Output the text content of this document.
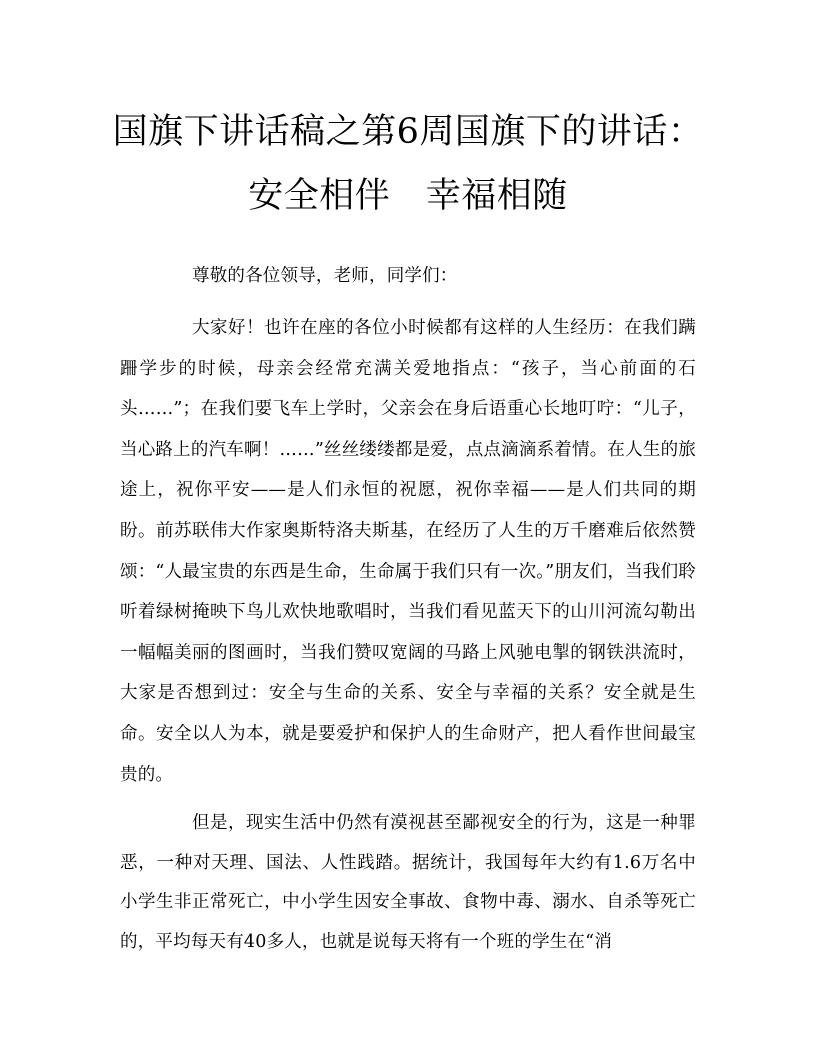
国旗下讲话稿之第6周国旗下的讲话：
安全相伴　幸福相随
尊敬的各位领导，老师，同学们：
大家好！也许在座的各位小时候都有这样的人生经历：在我们蹒跚学步的时候，母亲会经常充满关爱地指点：“孩子，当心前面的石头……”；在我们要飞车上学时，父亲会在身后语重心长地叮咛：“儿子，当心路上的汽车啊！……”丝丝缕缕都是爱，点点滴滴系着情。在人生的旅途上，祝你平安——是人们永恒的祝愿，祝你幸福——是人们共同的期盼。前苏联伟大作家奥斯特洛夫斯基，在经历了人生的万千磨难后依然赞颂：“人最宝贵的东西是生命，生命属于我们只有一次。”朋友们，当我们聆听着绿树掩映下鸟儿欢快地歌唱时，当我们看见蓝天下的山川河流勾勒出一幅幅美丽的图画时，当我们赞叹宽阔的马路上风驰电掣的钢铁洪流时，大家是否想到过：安全与生命的关系、安全与幸福的关系？安全就是生命。安全以人为本，就是要爱护和保护人的生命财产，把人看作世间最宝贵的。
但是，现实生活中仍然有漠视甚至鄙视安全的行为，这是一种罪恶，一种对天理、国法、人性践踏。据统计，我国每年大约有1.6万名中小学生非正常死亡，中小学生因安全事故、食物中毒、溺水、自杀等死亡的，平均每天有40多人，也就是说每天将有一个班的学生在“消
